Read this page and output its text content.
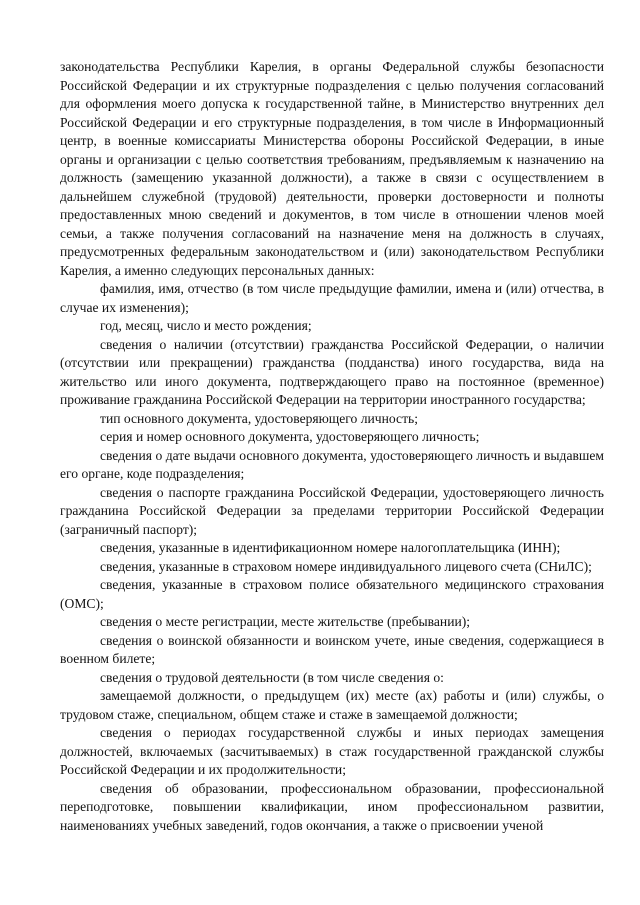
законодательства Республики Карелия, в органы Федеральной службы безопасности Российской Федерации и их структурные подразделения с целью получения согласований для оформления моего допуска к государственной тайне, в Министерство внутренних дел Российской Федерации и его структурные подразделения, в том числе в Информационный центр, в военные комиссариаты Министерства обороны Российской Федерации, в иные органы и организации с целью соответствия требованиям, предъявляемым к назначению на должность (замещению указанной должности), а также в связи с осуществлением в дальнейшем служебной (трудовой) деятельности, проверки достоверности и полноты предоставленных мною сведений и документов, в том числе в отношении членов моей семьи, а также получения согласований на назначение меня на должность в случаях, предусмотренных федеральным законодательством и (или) законодательством Республики Карелия, а именно следующих персональных данных:

фамилия, имя, отчество (в том числе предыдущие фамилии, имена и (или) отчества, в случае их изменения);

год, месяц, число и место рождения;

сведения о наличии (отсутствии) гражданства Российской Федерации, о наличии (отсутствии или прекращении) гражданства (подданства) иного государства, вида на жительство или иного документа, подтверждающего право на постоянное (временное) проживание гражданина Российской Федерации на территории иностранного государства;

тип основного документа, удостоверяющего личность;

серия и номер основного документа, удостоверяющего личность;

сведения о дате выдачи основного документа, удостоверяющего личность и выдавшем его органе, коде подразделения;

сведения о паспорте гражданина Российской Федерации, удостоверяющего личность гражданина Российской Федерации за пределами территории Российской Федерации (заграничный паспорт);

сведения, указанные в идентификационном номере налогоплательщика (ИНН);

сведения, указанные в страховом номере индивидуального лицевого счета (СНиЛС);

сведения, указанные в страховом полисе обязательного медицинского страхования (ОМС);

сведения о месте регистрации, месте жительстве (пребывании);

сведения о воинской обязанности и воинском учете, иные сведения, содержащиеся в военном билете;

сведения о трудовой деятельности (в том числе сведения о:

замещаемой должности, о предыдущем (их) месте (ах) работы и (или) службы, о трудовом стаже, специальном, общем стаже и стаже в замещаемой должности;

сведения о периодах государственной службы и иных периодах замещения должностей, включаемых (засчитываемых) в стаж государственной гражданской службы Российской Федерации и их продолжительности;

сведения об образовании, профессиональном образовании, профессиональной переподготовке, повышении квалификации, ином профессиональном развитии, наименованиях учебных заведений, годов окончания, а также о присвоении ученой
